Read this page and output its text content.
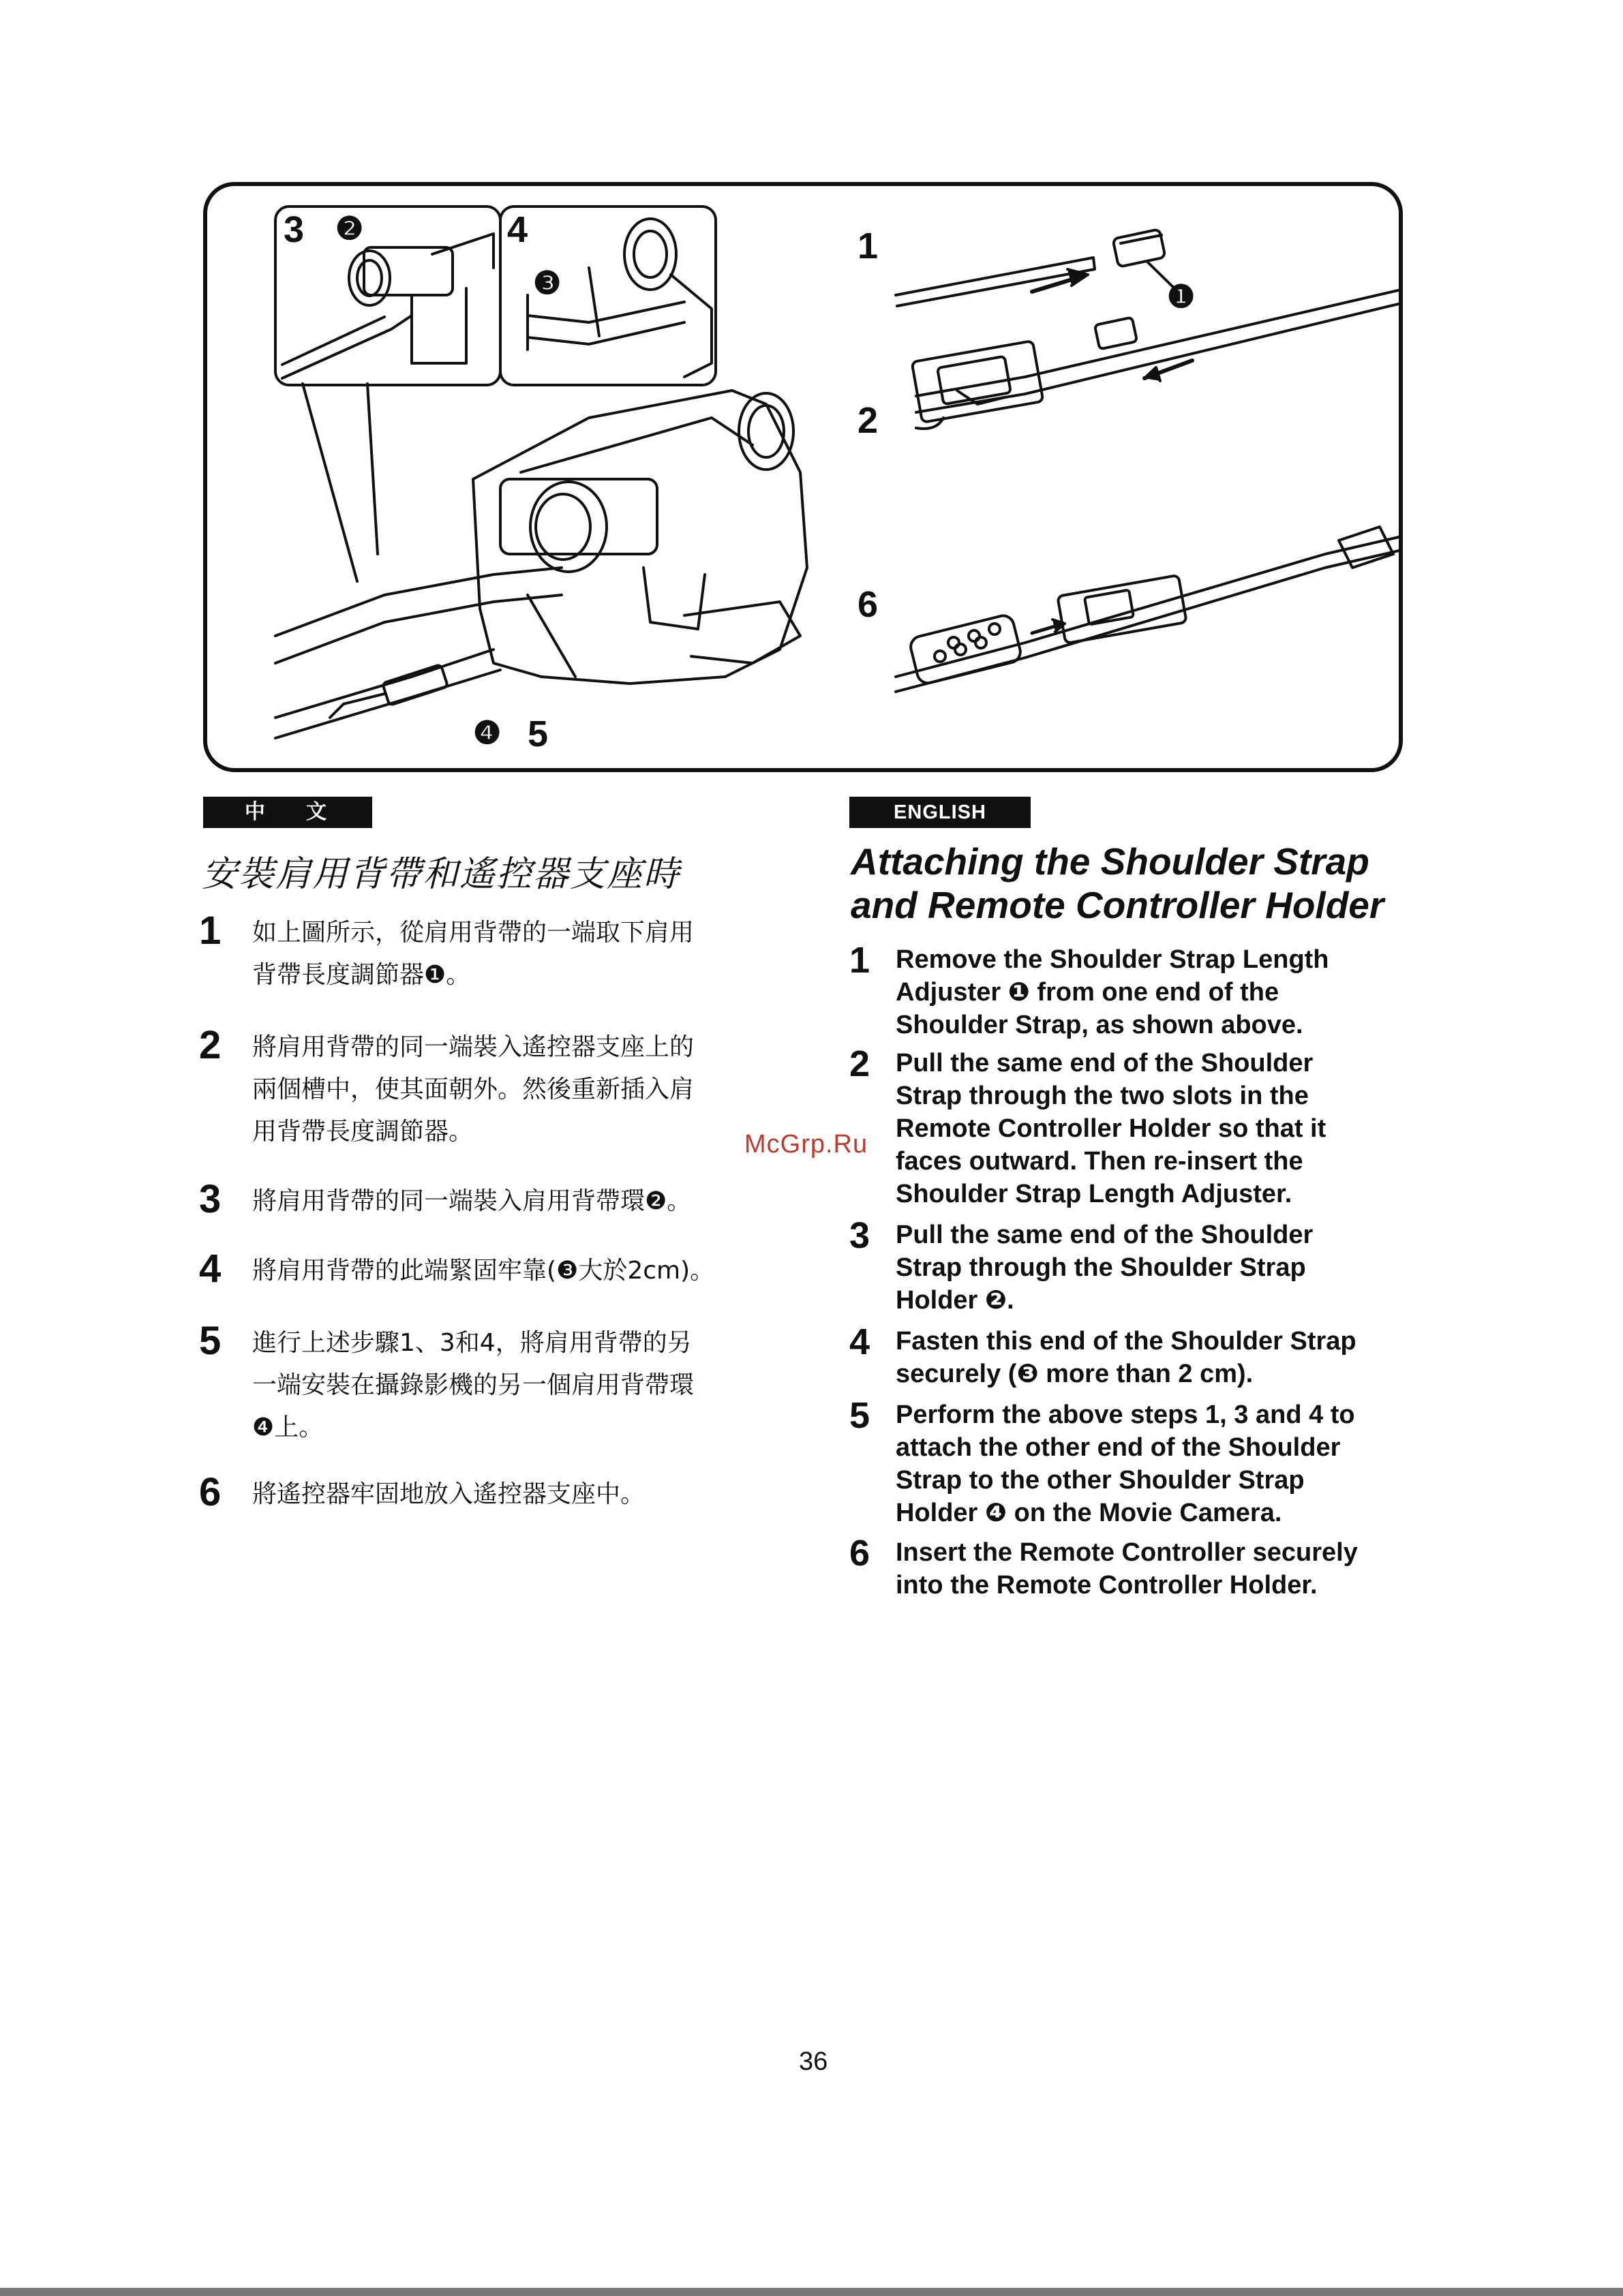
3 ❷	4
❸
❹ 5
1
❶
2
6
中 文
安裝肩用背帶和遙控器支座時
1 如上圖所示，從肩用背帶的一端取下肩用
背帶長度調節器❶。
2 將肩用背帶的同一端裝入遙控器支座上的
兩個槽中，使其面朝外。然後重新插入肩
用背帶長度調節器。
3 將肩用背帶的同一端裝入肩用背帶環❷。
4 將肩用背帶的此端緊固牢靠(❸大於2cm)。
5 進行上述步驟1、3和4，將肩用背帶的另
一端安裝在攝錄影機的另一個肩用背帶環
❹上。
6 將遙控器牢固地放入遙控器支座中。
ENGLISH
Attaching the Shoulder Strap
and Remote Controller Holder
1 Remove the Shoulder Strap Length
Adjuster ❶ from one end of the
Shoulder Strap, as shown above.
2 Pull the same end of the Shoulder
Strap through the two slots in the
Remote Controller Holder so that it
faces outward. Then re-insert the
Shoulder Strap Length Adjuster.
3 Pull the same end of the Shoulder
Strap through the Shoulder Strap
Holder ❷.
4 Fasten this end of the Shoulder Strap
securely (❸ more than 2 cm).
5 Perform the above steps 1, 3 and 4 to
attach the other end of the Shoulder
Strap to the other Shoulder Strap
Holder ❹ on the Movie Camera.
6 Insert the Remote Controller securely
into the Remote Controller Holder.
McGrp.Ru
36
